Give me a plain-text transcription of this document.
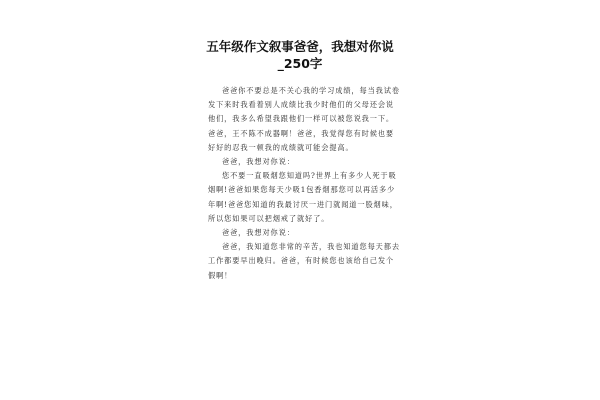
五年级作文叙事爸爸，我想对你说_250字

爸爸你不要总是不关心我的学习成绩，每当我试卷发下来时我看着别人成绩比我少时他们的父母还会说他们，我多么希望我跟他们一样可以被您说我一下。爸爸，王不陈不成器啊！爸爸，我觉得您有时候也要好好的忍我一顿我的成绩就可能会提高。

爸爸，我想对你说：

您不要一直吸烟您知道吗?世界上有多少人死于吸烟啊!爸爸如果您每天少吸1包香烟那您可以再活多少年啊!爸爸您知道的我最讨厌一进门就闻道一股烟味，所以您如果可以把烟戒了就好了。

爸爸，我想对你说：

爸爸，我知道您非常的辛苦，我也知道您每天都去工作都要早出晚归。爸爸，有时候您也该给自己发个假啊！
